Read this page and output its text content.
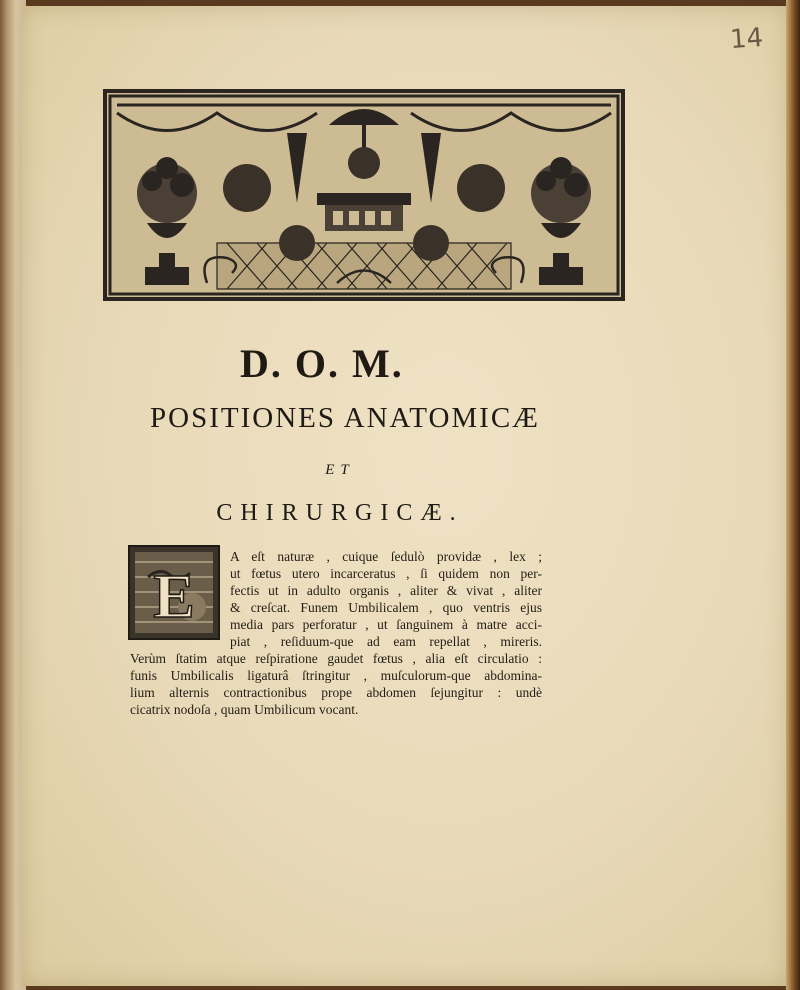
14
D. O. M.
POSITIONES ANATOMICÆ
ET
CHIRURGICÆ.
E
A eſt naturæ , cuique ſedulò providæ , lex ;
ut fœtus utero incarceratus , ſi quidem non per-
fectis ut in adulto organis , aliter & vivat , aliter
& creſcat. Funem Umbilicalem , quo ventris ejus
media pars perforatur , ut ſanguinem à matre acci-
piat , reſiduum-que ad eam repellat , mireris.
Verùm ſtatim atque reſpiratione gaudet fœtus , alia eſt circulatio :
funis Umbilicalis ligaturâ ſtringitur , muſculorum-que abdomina-
lium alternis contractionibus prope abdomen ſejungitur : undè
cicatrix nodoſa , quam Umbilicum vocant.
